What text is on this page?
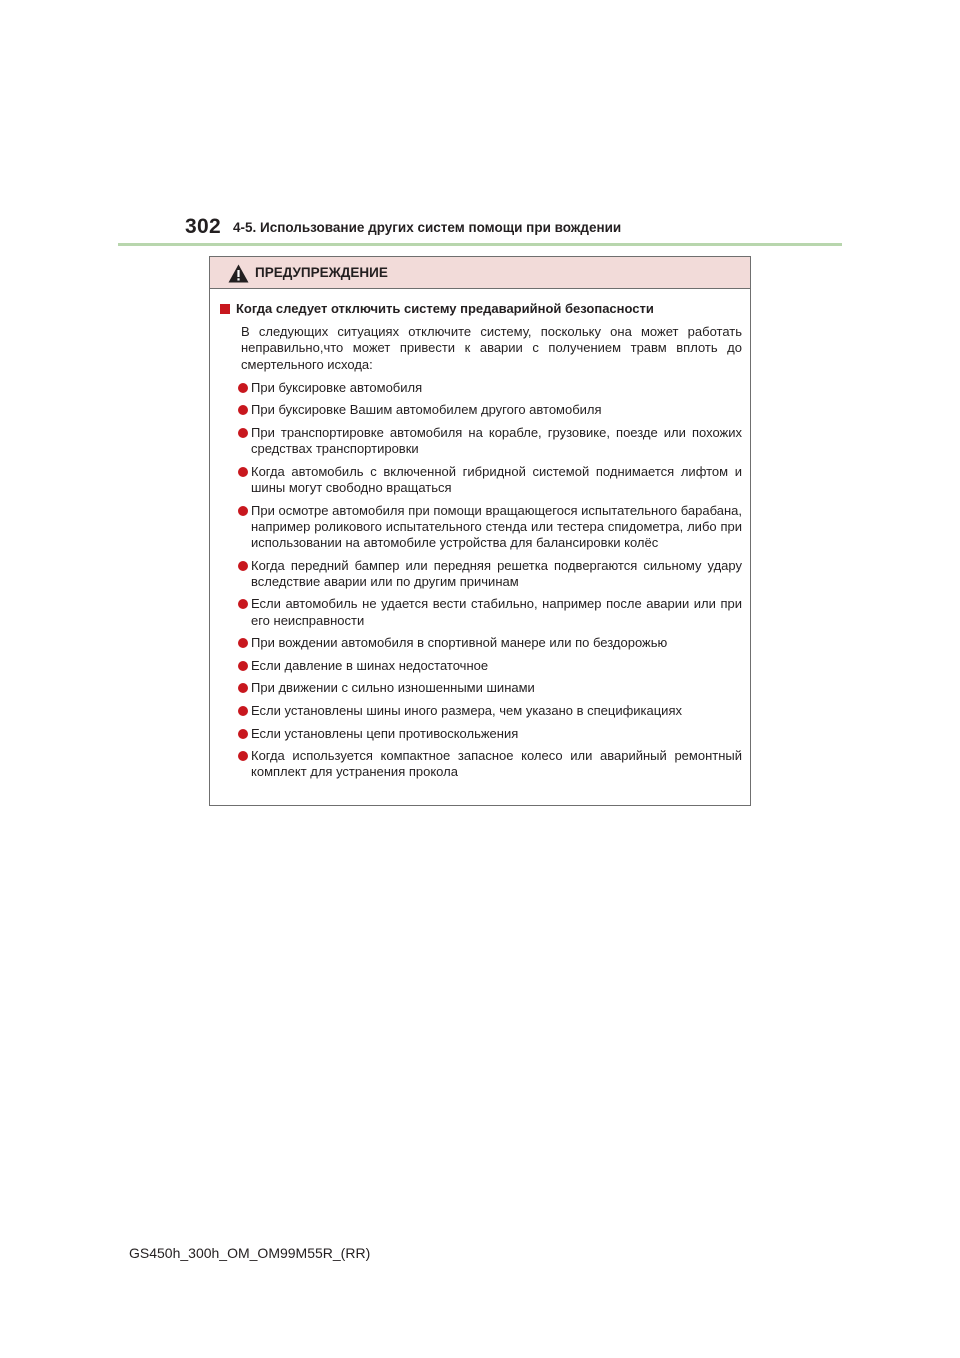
302 4-5. Использование других систем помощи при вождении
ПРЕДУПРЕЖДЕНИЕ
Когда следует отключить систему предаварийной безопасности

В следующих ситуациях отключите систему, поскольку она может работать неправильно,что может привести к аварии с получением травм вплоть до смертельного исхода:

При буксировке автомобиля
При буксировке Вашим автомобилем другого автомобиля
При транспортировке автомобиля на корабле, грузовике, поезде или похожих средствах транспортировки
Когда автомобиль с включенной гибридной системой поднимается лифтом и шины могут свободно вращаться
При осмотре автомобиля при помощи вращающегося испытательного барабана, например роликового испытательного стенда или тестера спидометра, либо при использовании на автомобиле устройства для балансировки колёс
Когда передний бампер или передняя решетка подвергаются сильному удару вследствие аварии или по другим причинам
Если автомобиль не удается вести стабильно, например после аварии или при его неисправности
При вождении автомобиля в спортивной манере или по бездорожью
Если давление в шинах недостаточное
При движении с сильно изношенными шинами
Если установлены шины иного размера, чем указано в спецификациях
Если установлены цепи противоскольжения
Когда используется компактное запасное колесо или аварийный ремонтный комплект для устранения прокола
GS450h_300h_OM_OM99M55R_(RR)
